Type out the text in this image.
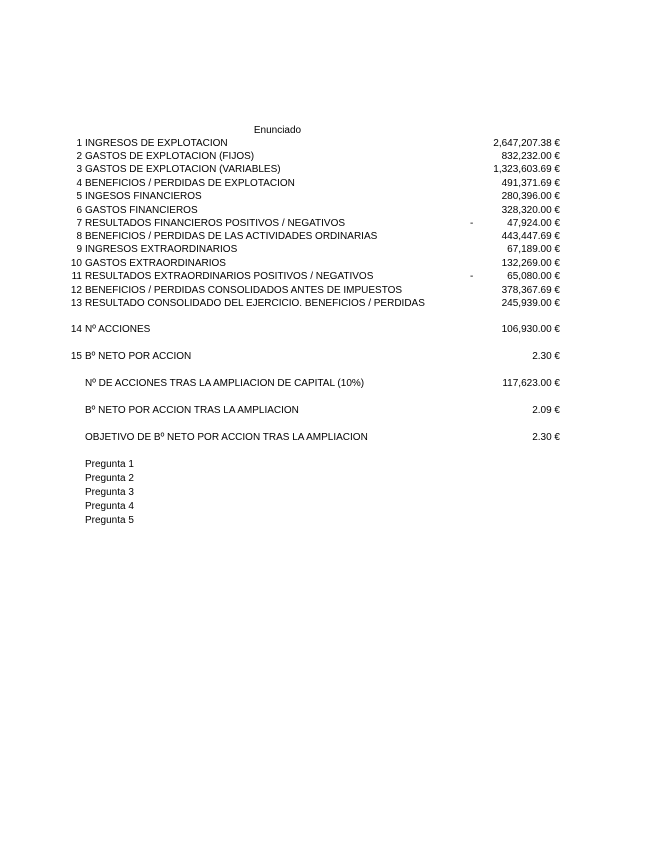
Enunciado
1 INGRESOS DE EXPLOTACION	2,647,207.38 €
2 GASTOS DE EXPLOTACION (FIJOS)	832,232.00 €
3 GASTOS DE EXPLOTACION (VARIABLES)	1,323,603.69 €
4 BENEFICIOS / PERDIDAS DE EXPLOTACION	491,371.69 €
5 INGESOS FINANCIEROS	280,396.00 €
6 GASTOS FINANCIEROS	328,320.00 €
7 RESULTADOS FINANCIEROS POSITIVOS / NEGATIVOS	-	47,924.00 €
8 BENEFICIOS / PERDIDAS DE LAS ACTIVIDADES ORDINARIAS	443,447.69 €
9 INGRESOS EXTRAORDINARIOS	67,189.00 €
10 GASTOS EXTRAORDINARIOS	132,269.00 €
11 RESULTADOS EXTRAORDINARIOS POSITIVOS / NEGATIVOS	-	65,080.00 €
12 BENEFICIOS / PERDIDAS CONSOLIDADOS ANTES DE IMPUESTOS	378,367.69 €
13 RESULTADO CONSOLIDADO DEL EJERCICIO. BENEFICIOS / PERDIDAS	245,939.00 €
14 Nº ACCIONES	106,930.00 €
15 Bº NETO POR ACCION	2.30 €
Nº DE ACCIONES TRAS LA AMPLIACION DE CAPITAL (10%)	117,623.00 €
Bº NETO POR ACCION TRAS LA AMPLIACION	2.09 €
OBJETIVO DE Bº NETO POR ACCION TRAS LA AMPLIACION	2.30 €
Pregunta 1
Pregunta 2
Pregunta 3
Pregunta 4
Pregunta 5
